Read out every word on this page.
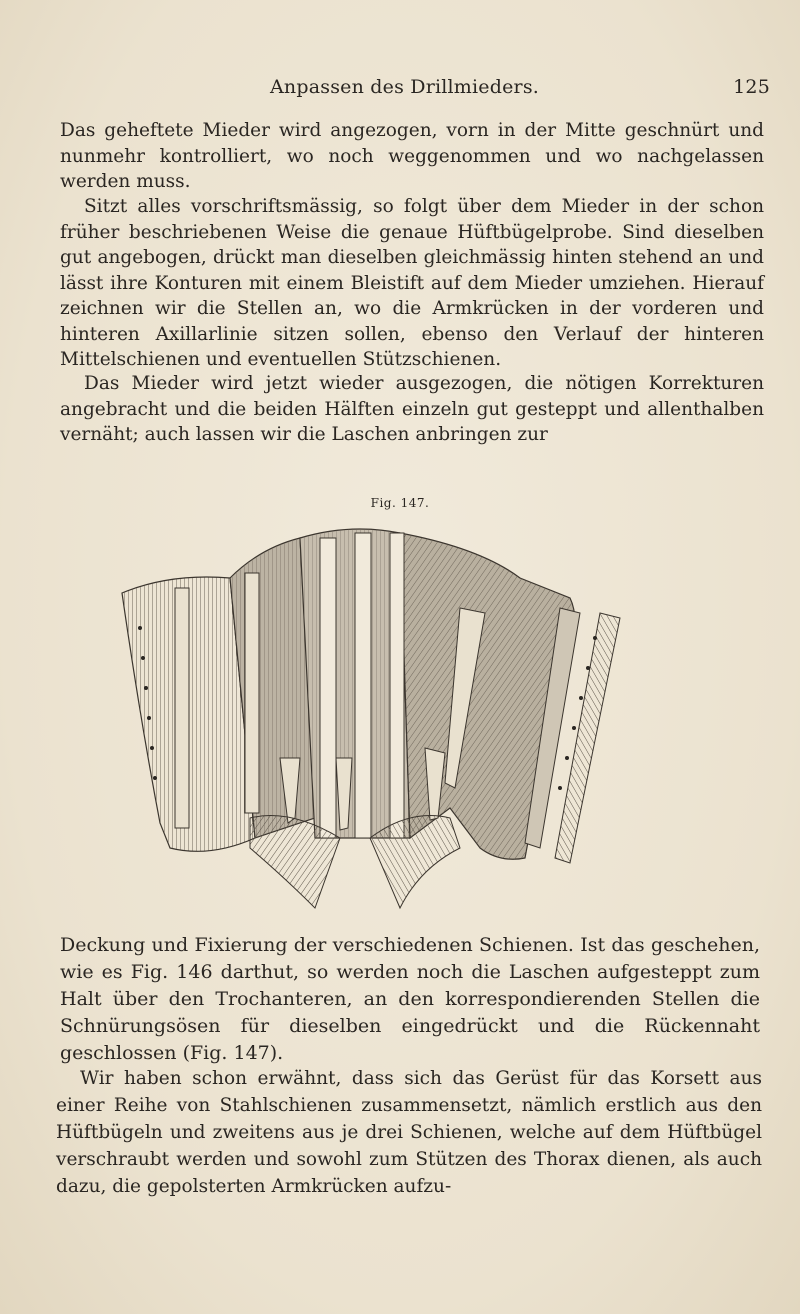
Anpassen des Drillmieders.	125
Das geheftete Mieder wird angezogen, vorn in der Mitte geschnürt und nunmehr kontrolliert, wo noch weggenommen und wo nachgelassen werden muss.
Sitzt alles vorschriftsmässig, so folgt über dem Mieder in der schon früher beschriebenen Weise die genaue Hüftbügelprobe. Sind dieselben gut angebogen, drückt man dieselben gleichmässig hinten stehend an und lässt ihre Konturen mit einem Bleistift auf dem Mieder umziehen. Hierauf zeichnen wir die Stellen an, wo die Armkrücken in der vorderen und hinteren Axillarlinie sitzen sollen, ebenso den Verlauf der hinteren Mittelschienen und eventuellen Stützschienen.
Das Mieder wird jetzt wieder ausgezogen, die nötigen Korrekturen angebracht und die beiden Hälften einzeln gut gesteppt und allenthalben vernäht; auch lassen wir die Laschen anbringen zur
Fig. 147.
Deckung und Fixierung der verschiedenen Schienen. Ist das geschehen, wie es Fig. 146 darthut, so werden noch die Laschen aufgesteppt zum Halt über den Trochanteren, an den korrespondierenden Stellen die Schnürungsösen für dieselben eingedrückt und die Rückennaht geschlossen (Fig. 147).
Wir haben schon erwähnt, dass sich das Gerüst für das Korsett aus einer Reihe von Stahlschienen zusammensetzt, nämlich erstlich aus den Hüftbügeln und zweitens aus je drei Schienen, welche auf dem Hüftbügel verschraubt werden und sowohl zum Stützen des Thorax dienen, als auch dazu, die gepolsterten Armkrücken aufzu-
